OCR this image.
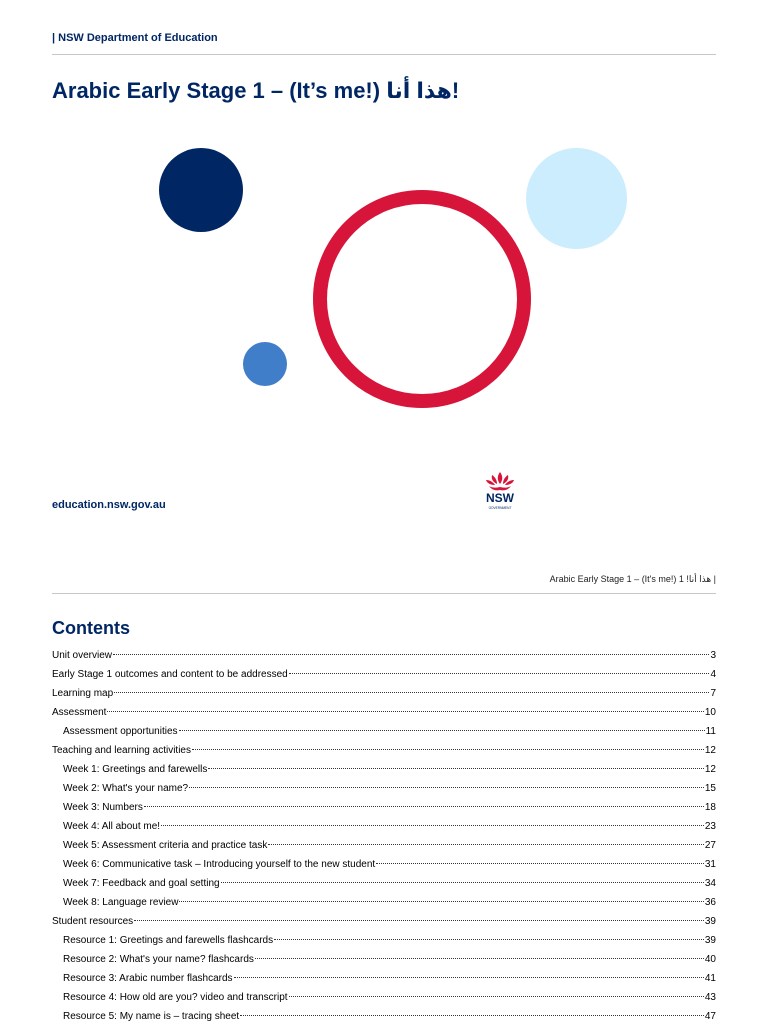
| NSW Department of Education
Arabic Early Stage 1 – (It’s me!) هذا أنا!
education.nsw.gov.au	NSW
GOVERNMENT
Arabic Early Stage 1 – (It's me!) هذا أنا! 1 |
Contents
Unit overview	3
Early Stage 1 outcomes and content to be addressed	4
Learning map	7
Assessment	10
Assessment opportunities	11
Teaching and learning activities	12
Week 1: Greetings and farewells	12
Week 2: What's your name?	15
Week 3: Numbers	18
Week 4: All about me!	23
Week 5: Assessment criteria and practice task	27
Week 6: Communicative task – Introducing yourself to the new student	31
Week 7: Feedback and goal setting	34
Week 8: Language review	36
Student resources	39
Resource 1: Greetings and farewells flashcards	39
Resource 2: What's your name? flashcards	40
Resource 3: Arabic number flashcards	41
Resource 4: How old are you? video and transcript	43
Resource 5: My name is – tracing sheet	47
